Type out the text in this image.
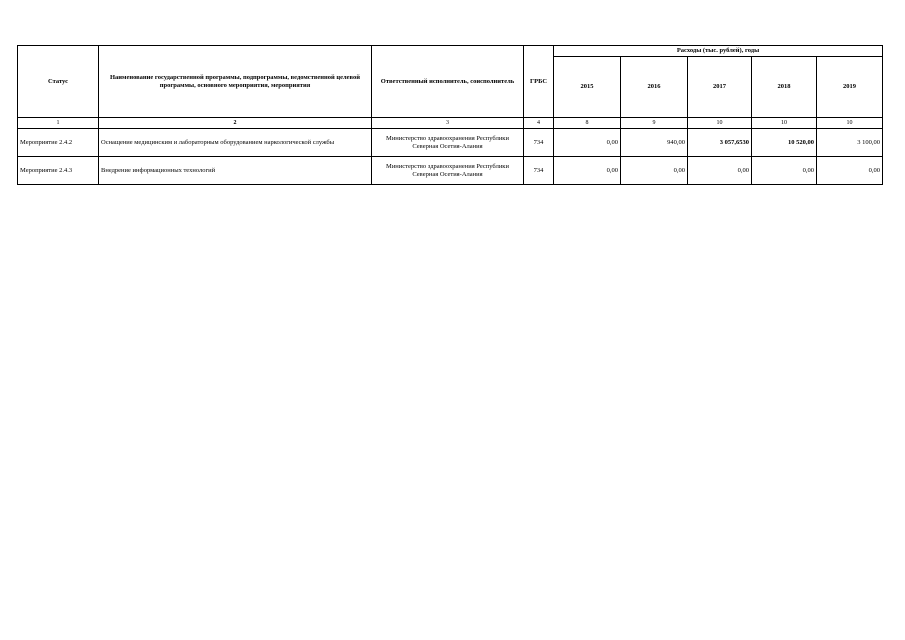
Статус	Наименование государственной программы, подпрограммы, ведомственной целевой программы, основного мероприятия, мероприятия	Ответственный исполнитель, соисполнитель	ГРБС	Расходы (тыс. рублей), годы				
				2015	2016	2017	2018	2019
1	2	3	4	8	9	10	10	10
Мероприятие 2.4.2	Оснащение медицинским и лабораторным оборудованием наркологической службы	Министерство здравоохранения Республики Северная Осетия-Алания	734	0,00	940,00	3 057,6530	10 520,00	3 100,00
Мероприятие 2.4.3	Внедрение информационных технологий	Министерство здравоохранения Республики Северная Осетия-Алания	734	0,00	0,00	0,00	0,00	0,00
